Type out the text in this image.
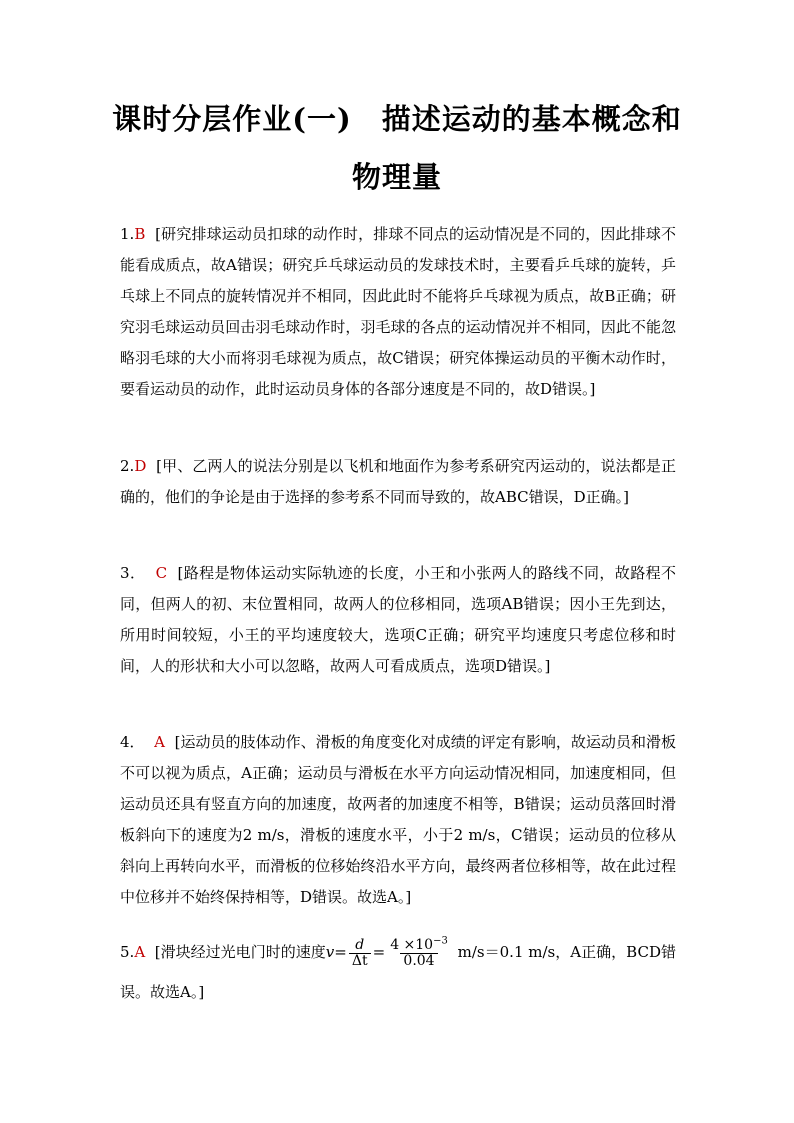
课时分层作业(一) 描述运动的基本概念和
物理量
1.B [研究排球运动员扣球的动作时，排球不同点的运动情况是不同的，因此排球不能看成质点，故A错误；研究乒乓球运动员的发球技术时，主要看乒乓球的旋转，乒乓球上不同点的旋转情况并不相同，因此此时不能将乒乓球视为质点，故B正确；研究羽毛球运动员回击羽毛球动作时，羽毛球的各点的运动情况并不相同，因此不能忽略羽毛球的大小而将羽毛球视为质点，故C错误；研究体操运动员的平衡木动作时，要看运动员的动作，此时运动员身体的各部分速度是不同的，故D错误。]
2.D [甲、乙两人的说法分别是以飞机和地面作为参考系研究丙运动的，说法都是正确的，他们的争论是由于选择的参考系不同而导致的，故ABC错误，D正确。]
3． C [路程是物体运动实际轨迹的长度，小王和小张两人的路线不同，故路程不同，但两人的初、末位置相同，故两人的位移相同，选项AB错误；因小王先到达，所用时间较短，小王的平均速度较大，选项C正确；研究平均速度只考虑位移和时间，人的形状和大小可以忽略，故两人可看成质点，选项D错误。]
4． A [运动员的肢体动作、滑板的角度变化对成绩的评定有影响，故运动员和滑板不可以视为质点，A正确；运动员与滑板在水平方向运动情况相同，加速度相同，但运动员还具有竖直方向的加速度，故两者的加速度不相等，B错误；运动员落回时滑板斜向下的速度为2 m/s，滑板的速度水平，小于2 m/s，C错误；运动员的位移从斜向上再转向水平，而滑板的位移始终沿水平方向，最终两者位移相等，故在此过程中位移并不始终保持相等，D错误。故选A。]
5.A [滑块经过光电门时的速度$v= \frac{d}{\Delta t} = \frac{4 \times 10^{-3}}{0.04} m/s=0.1$ m/s，A正确，BCD错误。故选A。]
